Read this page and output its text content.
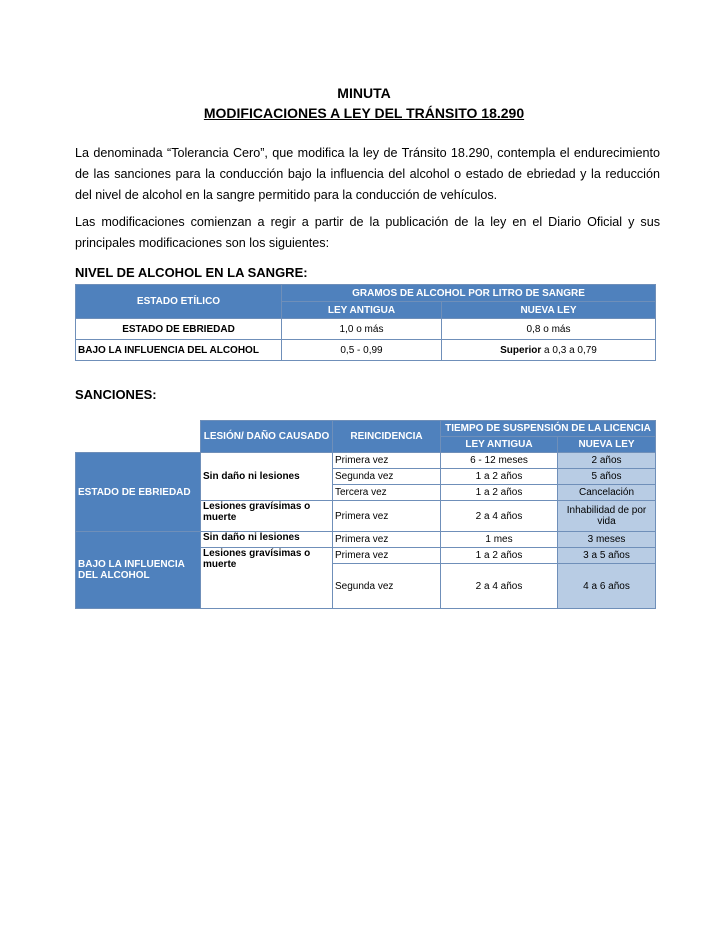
MINUTA
MODIFICACIONES A LEY DEL TRÁNSITO 18.290
La denominada “Tolerancia Cero”, que modifica la ley de Tránsito 18.290, contempla el endurecimiento de las sanciones para la conducción bajo la influencia del alcohol o estado de ebriedad y la reducción del nivel de alcohol en la sangre permitido para la conducción de vehículos.
Las modificaciones comienzan a regir a partir de la publicación de la ley en el Diario Oficial y sus principales modificaciones son los siguientes:
NIVEL DE ALCOHOL EN LA SANGRE:
ESTADO ETÍLICO	GRAMOS DE ALCOHOL POR LITRO DE SANGRE	
	LEY ANTIGUA	NUEVA LEY
ESTADO DE EBRIEDAD	1,0 o más	0,8 o más
BAJO LA INFLUENCIA DEL ALCOHOL	0,5 - 0,99	Superior a 0,3 a 0,79
SANCIONES:
	LESIÓN/ DAÑO CAUSADO	REINCIDENCIA	TIEMPO DE SUSPENSIÓN DE LA LICENCIA	
			LEY ANTIGUA	NUEVA LEY
ESTADO DE EBRIEDAD	Sin daño ni lesiones	Primera vez	6 - 12 meses	2 años
		Segunda vez	1 a 2 años	5 años
		Tercera vez	1 a 2 años	Cancelación
	Lesiones gravísimas o muerte	Primera vez	2 a 4 años	Inhabilidad de por vida
BAJO LA INFLUENCIA DEL ALCOHOL	Sin daño ni lesiones	Primera vez	1 mes	3 meses
	Lesiones gravísimas o muerte	Primera vez	1 a 2 años	3 a 5 años
		Segunda vez	2 a 4 años	4 a 6 años
